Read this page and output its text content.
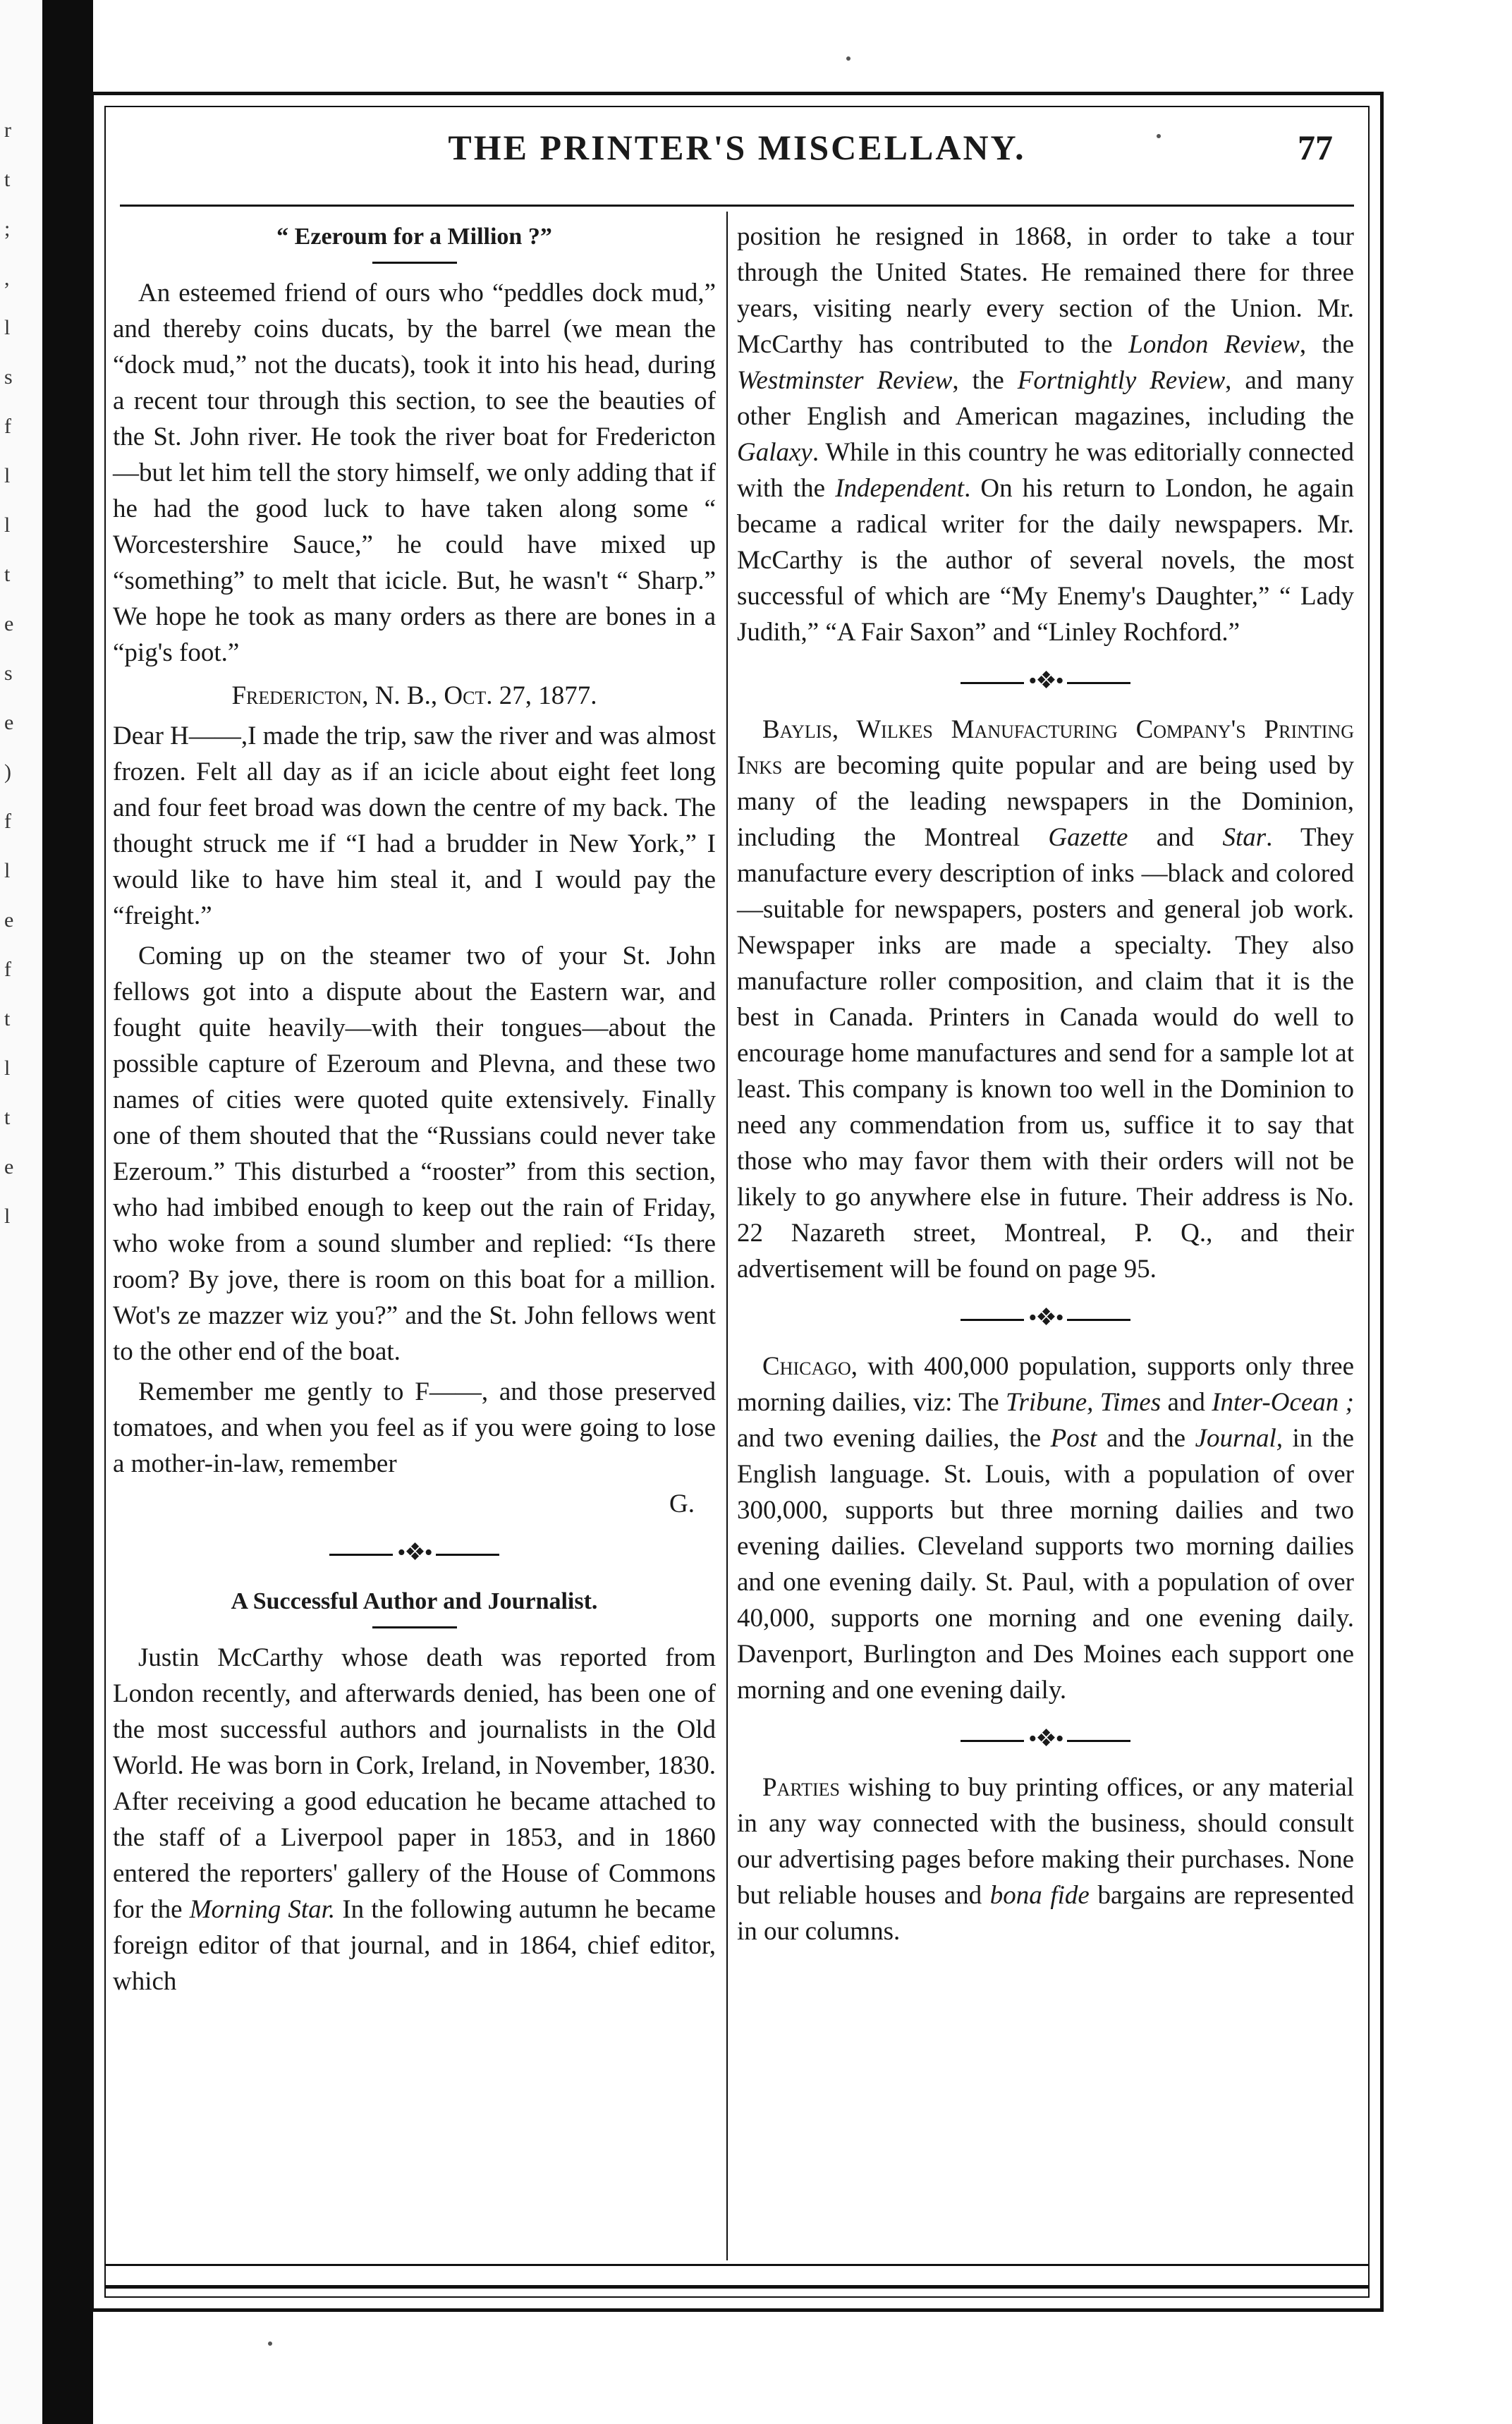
r
t
;
,
l
s
f
l
l
t
e
s
e
)
f
l
e
f
t
l
t
e
l
THE PRINTER'S MISCELLANY.	77
“ Ezeroum for a Million ?”

An esteemed friend of ours who “peddles dock mud,” and thereby coins ducats, by the barrel (we mean the “dock mud,” not the ducats), took it into his head, during a recent tour through this section, to see the beauties of the St. John river. He took the river boat for Fredericton—but let him tell the story himself, we only adding that if he had the good luck to have taken along some “ Worcestershire Sauce,” he could have mixed up “something” to melt that icicle. But, he wasn't “ Sharp.” We hope he took as many orders as there are bones in a “pig's foot.”

Fredericton, N. B., Oct. 27, 1877.

Dear H——,I made the trip, saw the river and was almost frozen. Felt all day as if an icicle about eight feet long and four feet broad was down the centre of my back. The thought struck me if “I had a brudder in New York,” I would like to have him steal it, and I would pay the “freight.”

Coming up on the steamer two of your St. John fellows got into a dispute about the Eastern war, and fought quite heavily—with their tongues—about the possible capture of Ezeroum and Plevna, and these two names of cities were quoted quite extensively. Finally one of them shouted that the “Russians could never take Ezeroum.” This disturbed a “rooster” from this section, who had imbibed enough to keep out the rain of Friday, who woke from a sound slumber and replied: “Is there room? By jove, there is room on this boat for a million. Wot's ze mazzer wiz you?” and the St. John fellows went to the other end of the boat.

Remember me gently to F——, and those preserved tomatoes, and when you feel as if you were going to lose a mother-in-law, remember

G.
•❖•
A Successful Author and Journalist.

Justin McCarthy whose death was reported from London recently, and afterwards denied, has been one of the most successful authors and journalists in the Old World. He was born in Cork, Ireland, in November, 1830. After receiving a good education he became attached to the staff of a Liverpool paper in 1853, and in 1860 entered the reporters' gallery of the House of Commons for the Morning Star. In the following autumn he became foreign editor of that journal, and in 1864, chief editor, which

position he resigned in 1868, in order to take a tour through the United States. He remained there for three years, visiting nearly every section of the Union. Mr. McCarthy has contributed to the London Review, the Westminster Review, the Fortnightly Review, and many other English and American magazines, including the Galaxy. While in this country he was editorially connected with the Independent. On his return to London, he again became a radical writer for the daily newspapers. Mr. McCarthy is the author of several novels, the most successful of which are “My Enemy's Daughter,” “ Lady Judith,” “A Fair Saxon” and “Linley Rochford.”

•❖•

Baylis, Wilkes Manufacturing Company's Printing Inks are becoming quite popular and are being used by many of the leading newspapers in the Dominion, including the Montreal Gazette and Star. They manufacture every description of inks —black and colored —suitable for newspapers, posters and general job work. Newspaper inks are made a specialty. They also manufacture roller composition, and claim that it is the best in Canada. Printers in Canada would do well to encourage home manufactures and send for a sample lot at least. This company is known too well in the Dominion to need any commendation from us, suffice it to say that those who may favor them with their orders will not be likely to go anywhere else in future. Their address is No. 22 Nazareth street, Montreal, P. Q., and their advertisement will be found on page 95.

•❖•

Chicago, with 400,000 population, supports only three morning dailies, viz: The Tribune, Times and Inter-Ocean ; and two evening dailies, the Post and the Journal, in the English language. St. Louis, with a population of over 300,000, supports but three morning dailies and two evening dailies. Cleveland supports two morning dailies and one evening daily. St. Paul, with a population of over 40,000, supports one morning and one evening daily. Davenport, Burlington and Des Moines each support one morning and one evening daily.

•❖•

Parties wishing to buy printing offices, or any material in any way connected with the business, should consult our advertising pages before making their purchases. None but reliable houses and bona fide bargains are represented in our columns.
